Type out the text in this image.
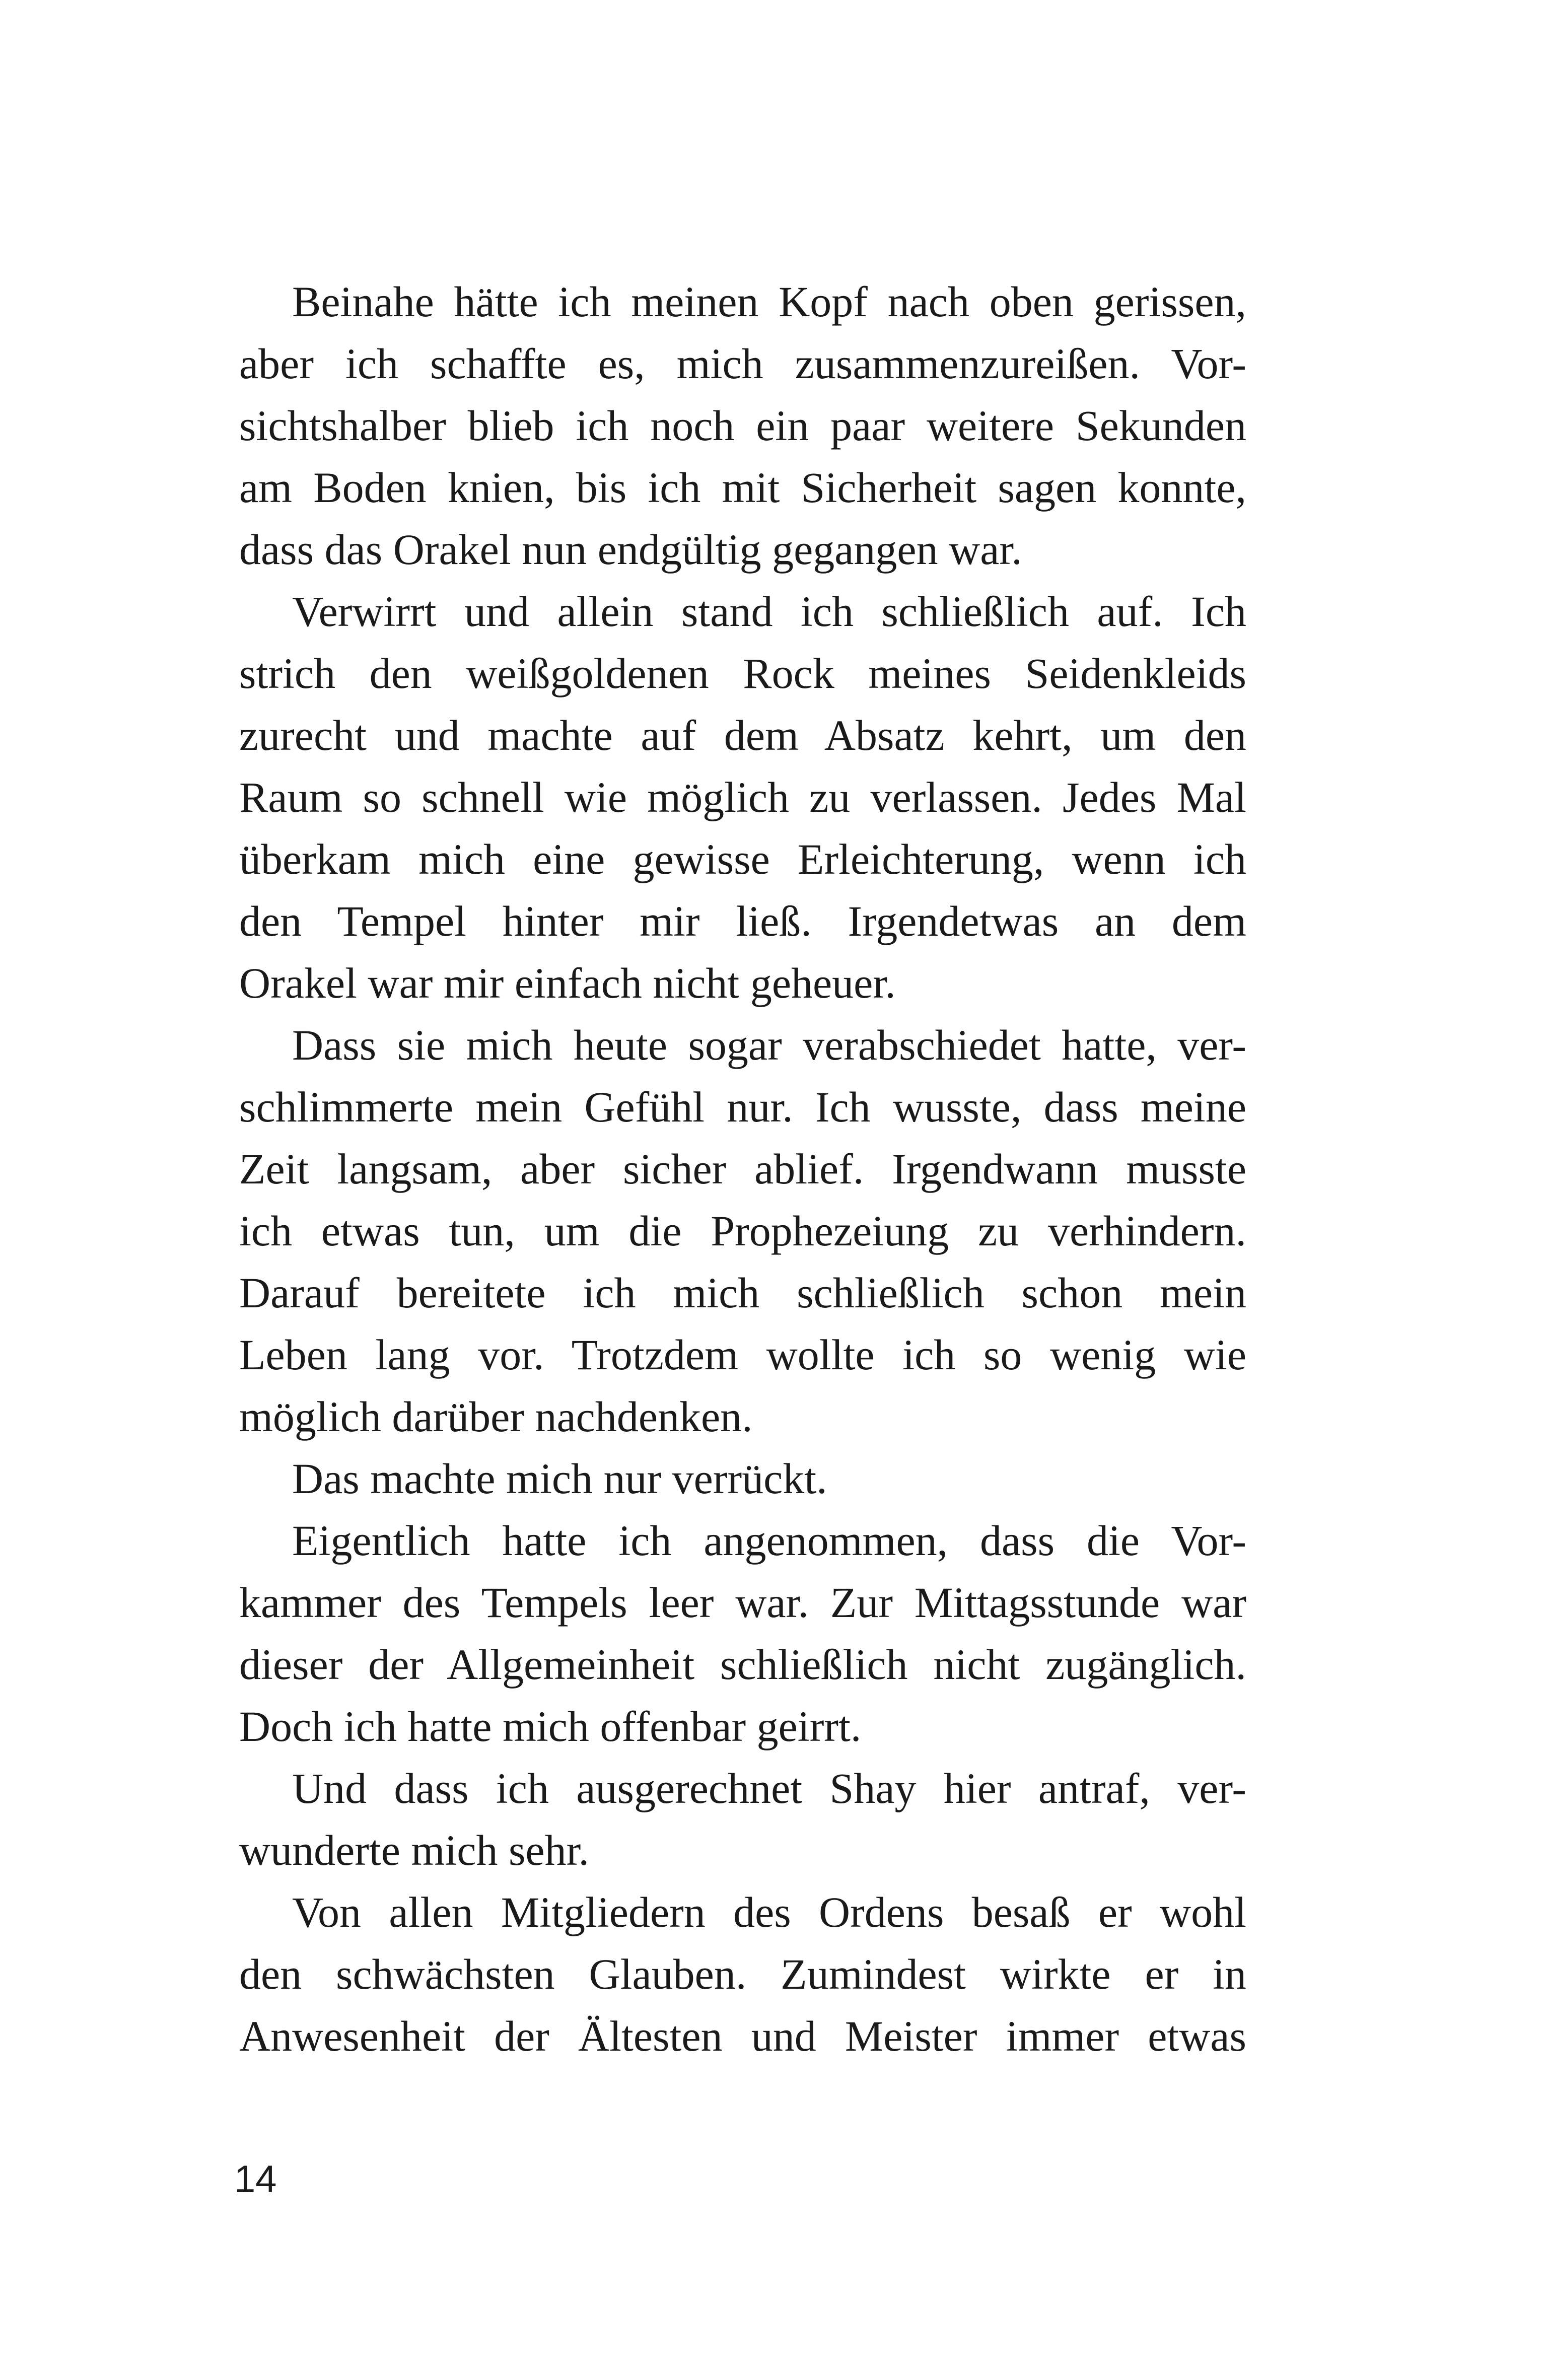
Beinahe hätte ich meinen Kopf nach oben gerissen,
aber ich schaffte es, mich zusammenzureißen. Vor-
sichtshalber blieb ich noch ein paar weitere Sekunden
am Boden knien, bis ich mit Sicherheit sagen konnte,
dass das Orakel nun endgültig gegangen war.
Verwirrt und allein stand ich schließlich auf. Ich
strich den weißgoldenen Rock meines Seidenkleids
zurecht und machte auf dem Absatz kehrt, um den
Raum so schnell wie möglich zu verlassen. Jedes Mal
überkam mich eine gewisse Erleichterung, wenn ich
den Tempel hinter mir ließ. Irgendetwas an dem
Orakel war mir einfach nicht geheuer.
Dass sie mich heute sogar verabschiedet hatte, ver-
schlimmerte mein Gefühl nur. Ich wusste, dass meine
Zeit langsam, aber sicher ablief. Irgendwann musste
ich etwas tun, um die Prophezeiung zu verhindern.
Darauf bereitete ich mich schließlich schon mein
Leben lang vor. Trotzdem wollte ich so wenig wie
möglich darüber nachdenken.
Das machte mich nur verrückt.
Eigentlich hatte ich angenommen, dass die Vor-
kammer des Tempels leer war. Zur Mittagsstunde war
dieser der Allgemeinheit schließlich nicht zugänglich.
Doch ich hatte mich offenbar geirrt.
Und dass ich ausgerechnet Shay hier antraf, ver-
wunderte mich sehr.
Von allen Mitgliedern des Ordens besaß er wohl
den schwächsten Glauben. Zumindest wirkte er in
Anwesenheit der Ältesten und Meister immer etwas
14
